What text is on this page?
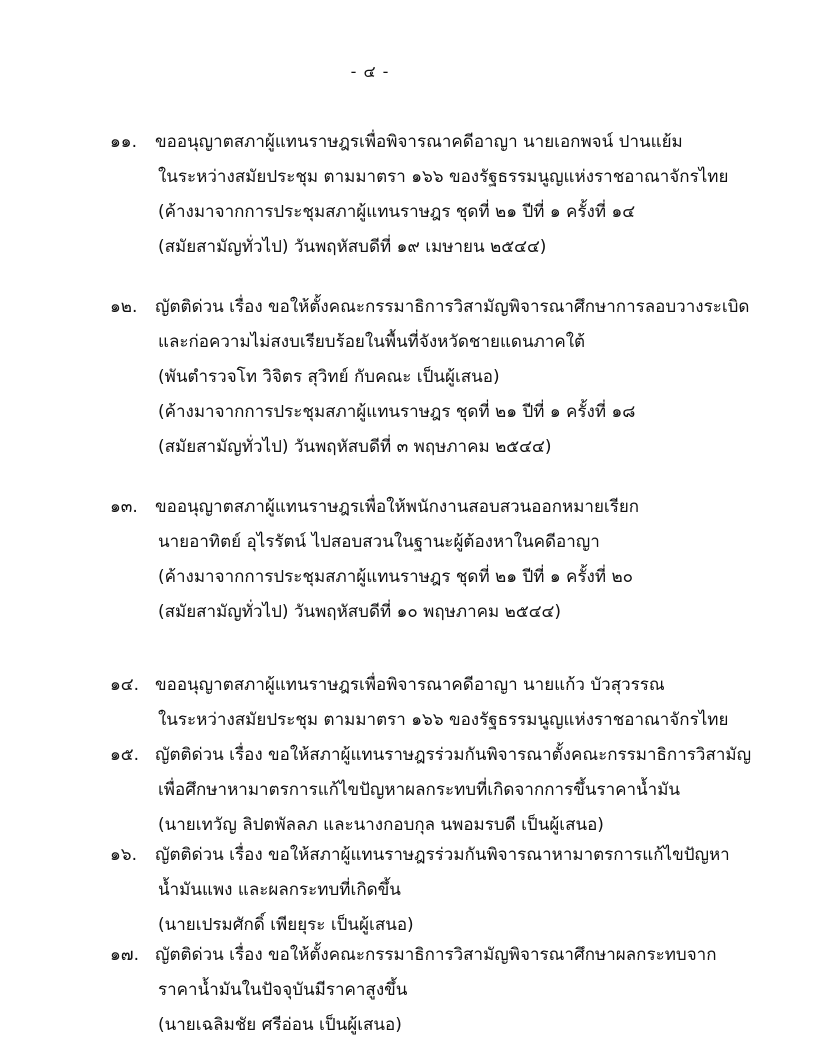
- ๔ -
๑๑. ขออนุญาตสภาผู้แทนราษฎรเพื่อพิจารณาคดีอาญา นายเอกพจน์ ปานแย้ม
ในระหว่างสมัยประชุม ตามมาตรา ๑๖๖ ของรัฐธรรมนูญแห่งราชอาณาจักรไทย
(ค้างมาจากการประชุมสภาผู้แทนราษฎร ชุดที่ ๒๑ ปีที่ ๑ ครั้งที่ ๑๔
(สมัยสามัญทั่วไป) วันพฤหัสบดีที่ ๑๙ เมษายน ๒๕๔๔)
๑๒. ญัตติด่วน เรื่อง ขอให้ตั้งคณะกรรมาธิการวิสามัญพิจารณาศึกษาการลอบวางระเบิด
และก่อความไม่สงบเรียบร้อยในพื้นที่จังหวัดชายแดนภาคใต้
(พันตำรวจโท วิจิตร สุวิทย์ กับคณะ เป็นผู้เสนอ)
(ค้างมาจากการประชุมสภาผู้แทนราษฎร ชุดที่ ๒๑ ปีที่ ๑ ครั้งที่ ๑๘
(สมัยสามัญทั่วไป) วันพฤหัสบดีที่ ๓ พฤษภาคม ๒๕๔๔)
๑๓. ขออนุญาตสภาผู้แทนราษฎรเพื่อให้พนักงานสอบสวนออกหมายเรียก
นายอาทิตย์ อุไรรัตน์ ไปสอบสวนในฐานะผู้ต้องหาในคดีอาญา
(ค้างมาจากการประชุมสภาผู้แทนราษฎร ชุดที่ ๒๑ ปีที่ ๑ ครั้งที่ ๒๐
(สมัยสามัญทั่วไป) วันพฤหัสบดีที่ ๑๐ พฤษภาคม ๒๕๔๔)
๑๔. ขออนุญาตสภาผู้แทนราษฎรเพื่อพิจารณาคดีอาญา นายแก้ว บัวสุวรรณ
ในระหว่างสมัยประชุม ตามมาตรา ๑๖๖ ของรัฐธรรมนูญแห่งราชอาณาจักรไทย
๑๕. ญัตติด่วน เรื่อง ขอให้สภาผู้แทนราษฎรร่วมกันพิจารณาตั้งคณะกรรมาธิการวิสามัญ
เพื่อศึกษาหามาตรการแก้ไขปัญหาผลกระทบที่เกิดจากการขึ้นราคาน้ำมัน
(นายเทวัญ ลิปตพัลลภ และนางกอบกุล นพอมรบดี เป็นผู้เสนอ)
๑๖. ญัตติด่วน เรื่อง ขอให้สภาผู้แทนราษฎรร่วมกันพิจารณาหามาตรการแก้ไขปัญหา
น้ำมันแพง และผลกระทบที่เกิดขึ้น
(นายเปรมศักดิ์ เพียยุระ เป็นผู้เสนอ)
๑๗. ญัตติด่วน เรื่อง ขอให้ตั้งคณะกรรมาธิการวิสามัญพิจารณาศึกษาผลกระทบจาก
ราคาน้ำมันในปัจจุบันมีราคาสูงขึ้น
(นายเฉลิมชัย ศรีอ่อน เป็นผู้เสนอ)
